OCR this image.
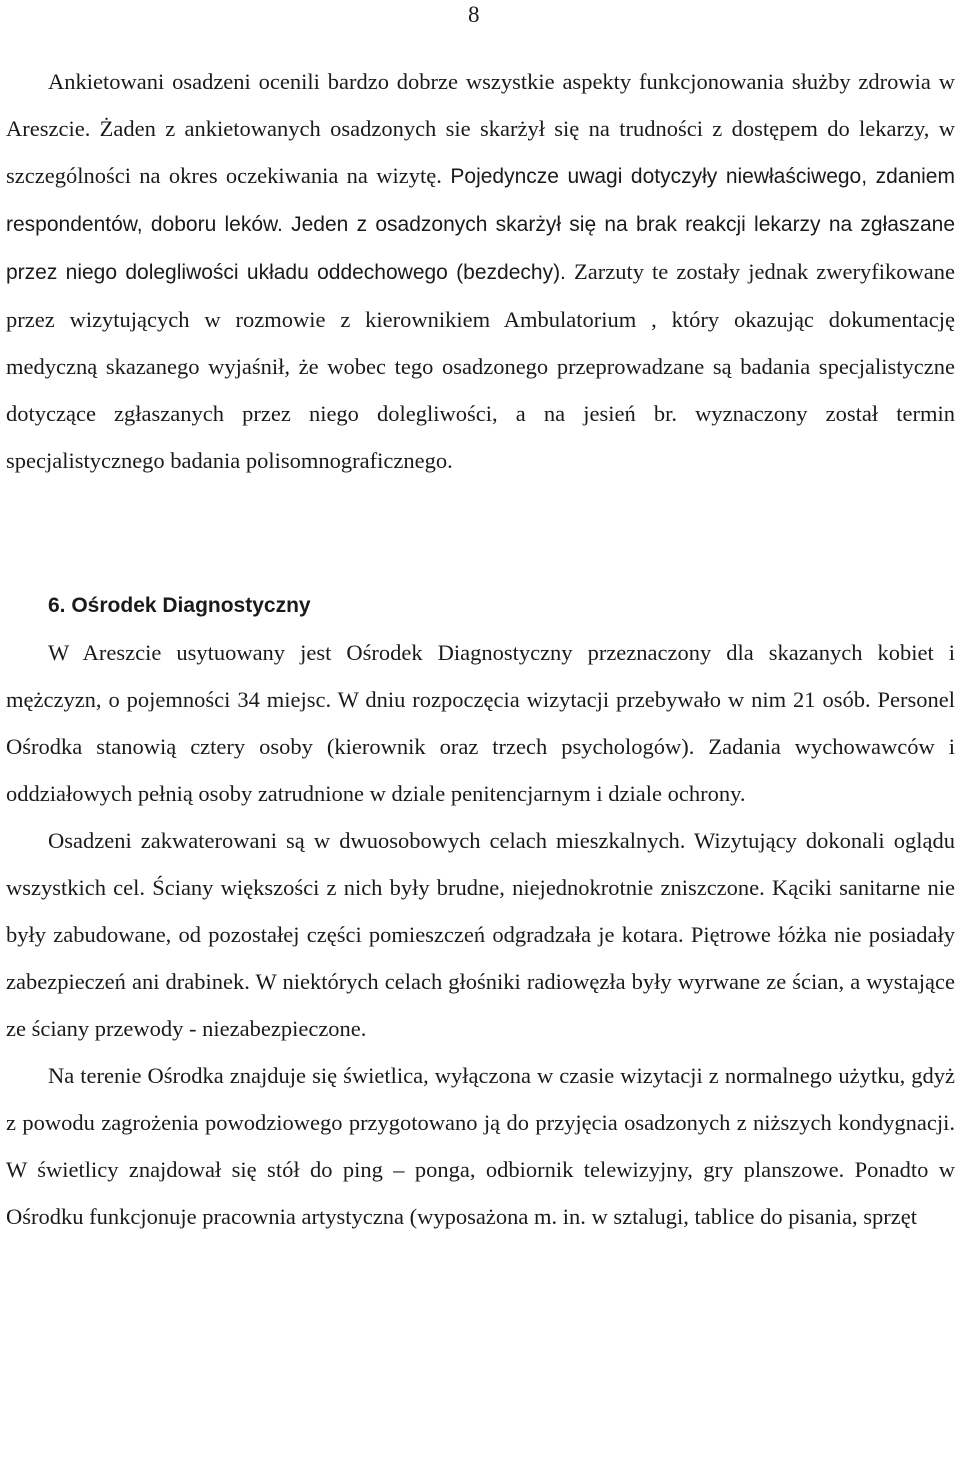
8

Ankietowani osadzeni ocenili bardzo dobrze wszystkie aspekty funkcjonowania służby zdrowia w Areszcie. Żaden z ankietowanych osadzonych sie skarżył się na trudności z dostępem do lekarzy, w szczególności na okres oczekiwania na wizytę. Pojedyncze uwagi dotyczyły niewłaściwego, zdaniem respondentów, doboru leków. Jeden z osadzonych skarżył się na brak reakcji lekarzy na zgłaszane przez niego dolegliwości układu oddechowego (bezdechy). Zarzuty te zostały jednak zweryfikowane przez wizytujących w rozmowie z kierownikiem Ambulatorium , który okazując dokumentację medyczną skazanego wyjaśnił, że wobec tego osadzonego przeprowadzane są badania specjalistyczne dotyczące zgłaszanych przez niego dolegliwości, a na jesień br. wyznaczony został termin specjalistycznego badania polisomnograficznego.

6. Ośrodek Diagnostyczny

W Areszcie usytuowany jest Ośrodek Diagnostyczny przeznaczony dla skazanych kobiet i mężczyzn, o pojemności 34 miejsc. W dniu rozpoczęcia wizytacji przebywało w nim 21 osób. Personel Ośrodka stanowią cztery osoby (kierownik oraz trzech psychologów). Zadania wychowawców i oddziałowych pełnią osoby zatrudnione w dziale penitencjarnym i dziale ochrony.

Osadzeni zakwaterowani są w dwuosobowych celach mieszkalnych. Wizytujący dokonali oglądu wszystkich cel. Ściany większości z nich były brudne, niejednokrotnie zniszczone. Kąciki sanitarne nie były zabudowane, od pozostałej części pomieszczeń odgradzała je kotara. Piętrowe łóżka nie posiadały zabezpieczeń ani drabinek. W niektórych celach głośniki radiowęzła były wyrwane ze ścian, a wystające ze ściany przewody - niezabezpieczone.

Na terenie Ośrodka znajduje się świetlica, wyłączona w czasie wizytacji z normalnego użytku, gdyż z powodu zagrożenia powodziowego przygotowano ją do przyjęcia osadzonych z niższych kondygnacji. W świetlicy znajdował się stół do ping – ponga, odbiornik telewizyjny, gry planszowe. Ponadto w Ośrodku funkcjonuje pracownia artystyczna (wyposażona m. in. w sztalugi, tablice do pisania, sprzęt
